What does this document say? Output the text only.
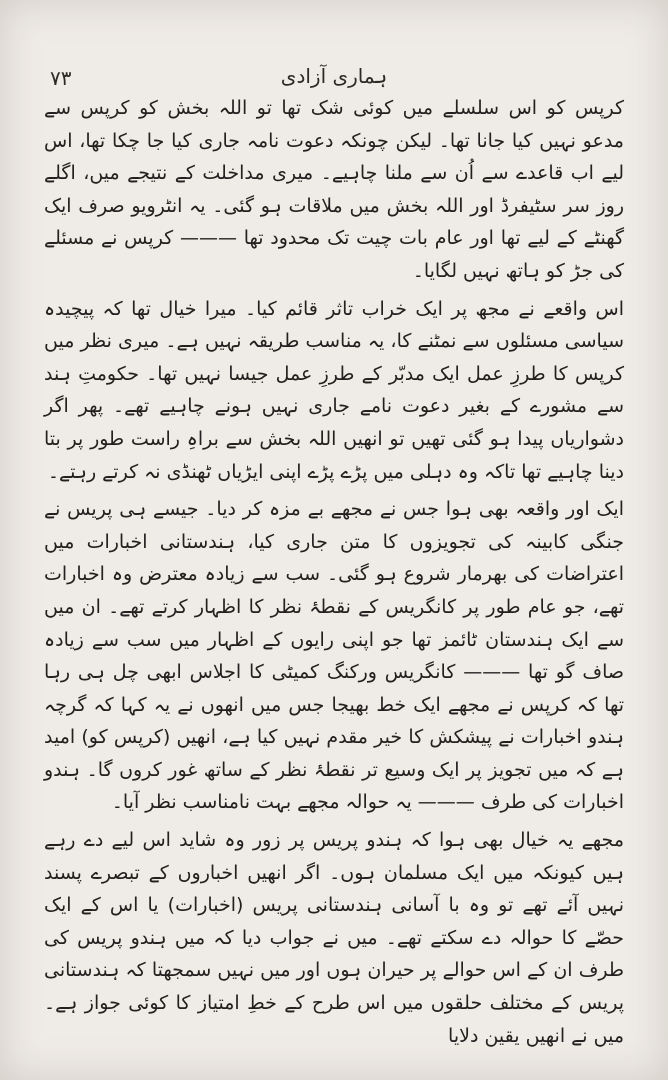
۷۳	ہماری آزادی

کرپس کو اس سلسلے میں کوئی شک تھا تو اللہ بخش کو کرپس سے مدعو نہیں کیا جانا تھا۔ لیکن چونکہ دعوت نامہ جاری کیا جا چکا تھا، اس لیے اب قاعدے سے اُن سے ملنا چاہیے۔ میری مداخلت کے نتیجے میں، اگلے روز سر سٹیفرڈ اور اللہ بخش میں ملاقات ہو گئی۔ یہ انٹرویو صرف ایک گھنٹے کے لیے تھا اور عام بات چیت تک محدود تھا ——— کرپس نے مسئلے کی جڑ کو ہاتھ نہیں لگایا۔

اس واقعے نے مجھ پر ایک خراب تاثر قائم کیا۔ میرا خیال تھا کہ پیچیدہ سیاسی مسئلوں سے نمٹنے کا، یہ مناسب طریقہ نہیں ہے۔ میری نظر میں کرپس کا طرزِ عمل ایک مدبّر کے طرزِ عمل جیسا نہیں تھا۔ حکومتِ ہند سے مشورے کے بغیر دعوت نامے جاری نہیں ہونے چاہیے تھے۔ پھر اگر دشواریاں پیدا ہو گئی تھیں تو انھیں اللہ بخش سے براہِ راست طور پر بتا دینا چاہیے تھا تاکہ وہ دہلی میں پڑے پڑے اپنی ایڑیاں ٹھنڈی نہ کرتے رہتے۔

ایک اور واقعہ بھی ہوا جس نے مجھے بے مزہ کر دیا۔ جیسے ہی پریس نے جنگی کابینہ کی تجویزوں کا متن جاری کیا، ہندستانی اخبارات میں اعتراضات کی بھرمار شروع ہو گئی۔ سب سے زیادہ معترض وہ اخبارات تھے، جو عام طور پر کانگریس کے نقطۂ نظر کا اظہار کرتے تھے۔ ان میں سے ایک ہندستان ٹائمز تھا جو اپنی رایوں کے اظہار میں سب سے زیادہ صاف گو تھا ——— کانگریس ورکنگ کمیٹی کا اجلاس ابھی چل ہی رہا تھا کہ کرپس نے مجھے ایک خط بھیجا جس میں انھوں نے یہ کہا کہ گرچہ ہندو اخبارات نے پیشکش کا خیر مقدم نہیں کیا ہے، انھیں (کرپس کو) امید ہے کہ میں تجویز پر ایک وسیع تر نقطۂ نظر کے ساتھ غور کروں گا۔ ہندو اخبارات کی طرف ——— یہ حوالہ مجھے بہت نامناسب نظر آیا۔

مجھے یہ خیال بھی ہوا کہ ہندو پریس پر زور وہ شاید اس لیے دے رہے ہیں کیونکہ میں ایک مسلمان ہوں۔ اگر انھیں اخباروں کے تبصرے پسند نہیں آئے تھے تو وہ با آسانی ہندستانی پریس (اخبارات) یا اس کے ایک حصّے کا حوالہ دے سکتے تھے۔ میں نے جواب دیا کہ میں ہندو پریس کی طرف ان کے اس حوالے پر حیران ہوں اور میں نہیں سمجھتا کہ ہندستانی پریس کے مختلف حلقوں میں اس طرح کے خطِ امتیاز کا کوئی جواز ہے۔ میں نے انھیں یقین دلایا
